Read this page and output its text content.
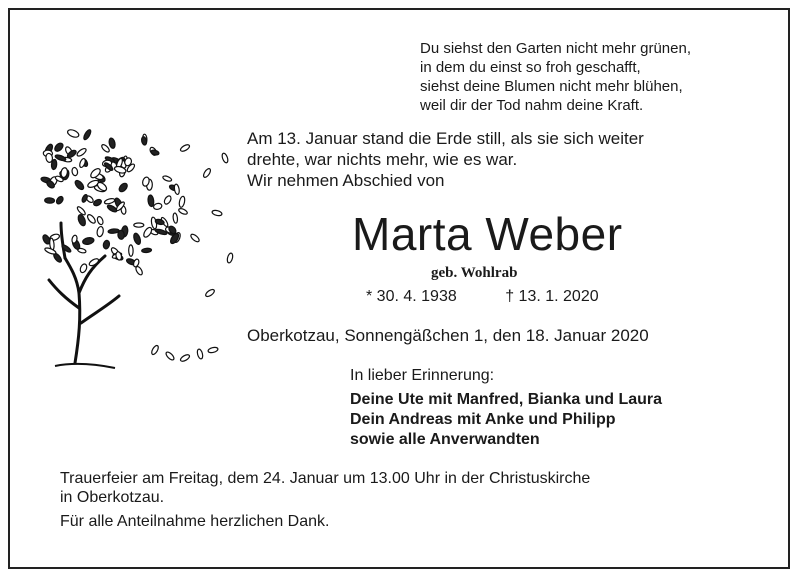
Du siehst den Garten nicht mehr grünen,
in dem du einst so froh geschafft,
siehst deine Blumen nicht mehr blühen,
weil dir der Tod nahm deine Kraft.
Am 13. Januar stand die Erde still, als sie sich weiter
drehte, war nichts mehr, wie es war.
Wir nehmen Abschied von
Marta Weber
geb. Wohlrab
* 30. 4. 1938	† 13. 1. 2020
Oberkotzau, Sonnengäßchen 1, den 18. Januar 2020
In lieber Erinnerung:
Deine Ute mit Manfred, Bianka und Laura
Dein Andreas mit Anke und Philipp
sowie alle Anverwandten
Trauerfeier am Freitag, dem 24. Januar um 13.00 Uhr in der Christuskirche
in Oberkotzau.
Für alle Anteilnahme herzlichen Dank.
